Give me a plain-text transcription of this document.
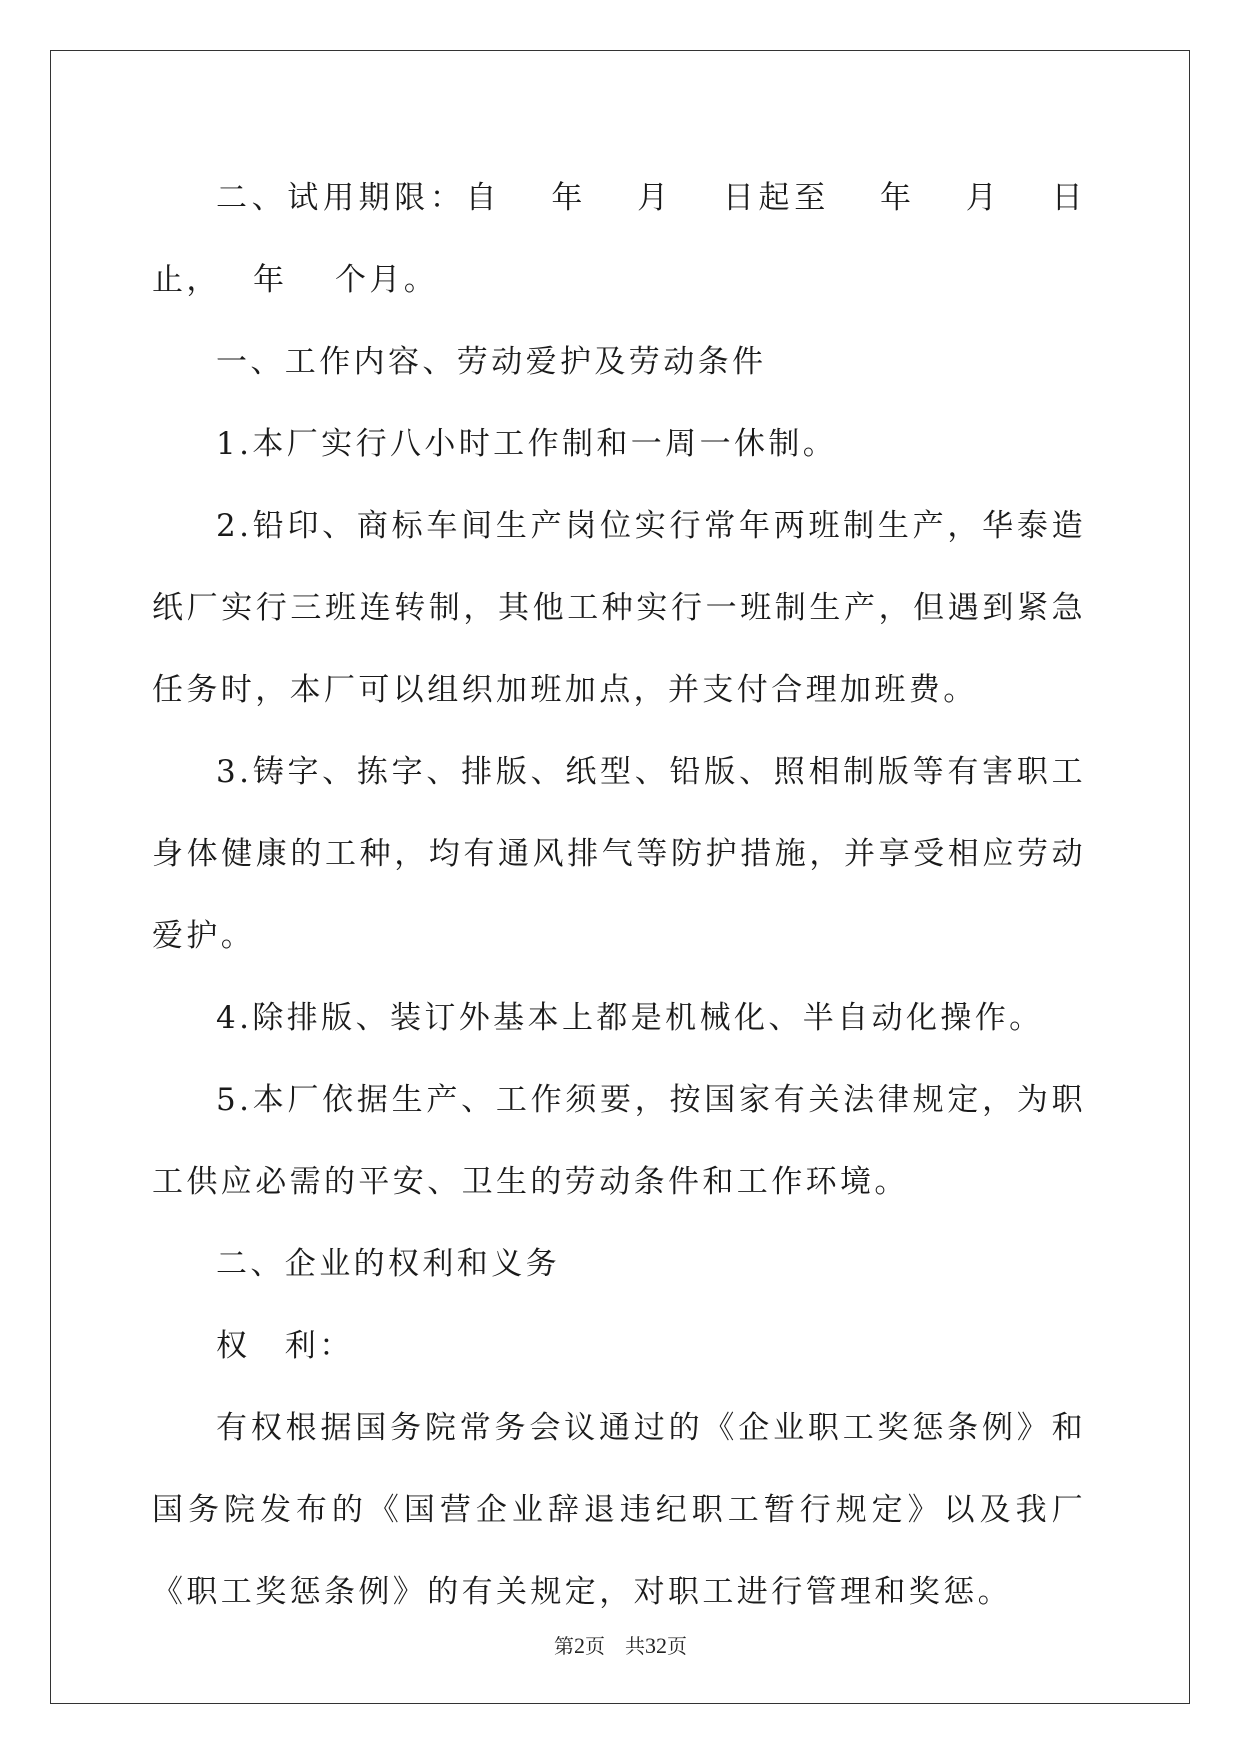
二、试用期限：自　 年　 月　 日起至　 年　 月　 日止，　 年　 个月。

一、工作内容、劳动爱护及劳动条件

1.本厂实行八小时工作制和一周一休制。

2.铅印、商标车间生产岗位实行常年两班制生产，华泰造纸厂实行三班连转制，其他工种实行一班制生产，但遇到紧急任务时，本厂可以组织加班加点，并支付合理加班费。

3.铸字、拣字、排版、纸型、铅版、照相制版等有害职工身体健康的工种，均有通风排气等防护措施，并享受相应劳动爱护。

4.除排版、装订外基本上都是机械化、半自动化操作。

5.本厂依据生产、工作须要，按国家有关法律规定，为职工供应必需的平安、卫生的劳动条件和工作环境。

二、企业的权利和义务

权　利：

有权根据国务院常务会议通过的《企业职工奖惩条例》和国务院发布的《国营企业辞退违纪职工暂行规定》以及我厂《职工奖惩条例》的有关规定，对职工进行管理和奖惩。

第2页　共32页
